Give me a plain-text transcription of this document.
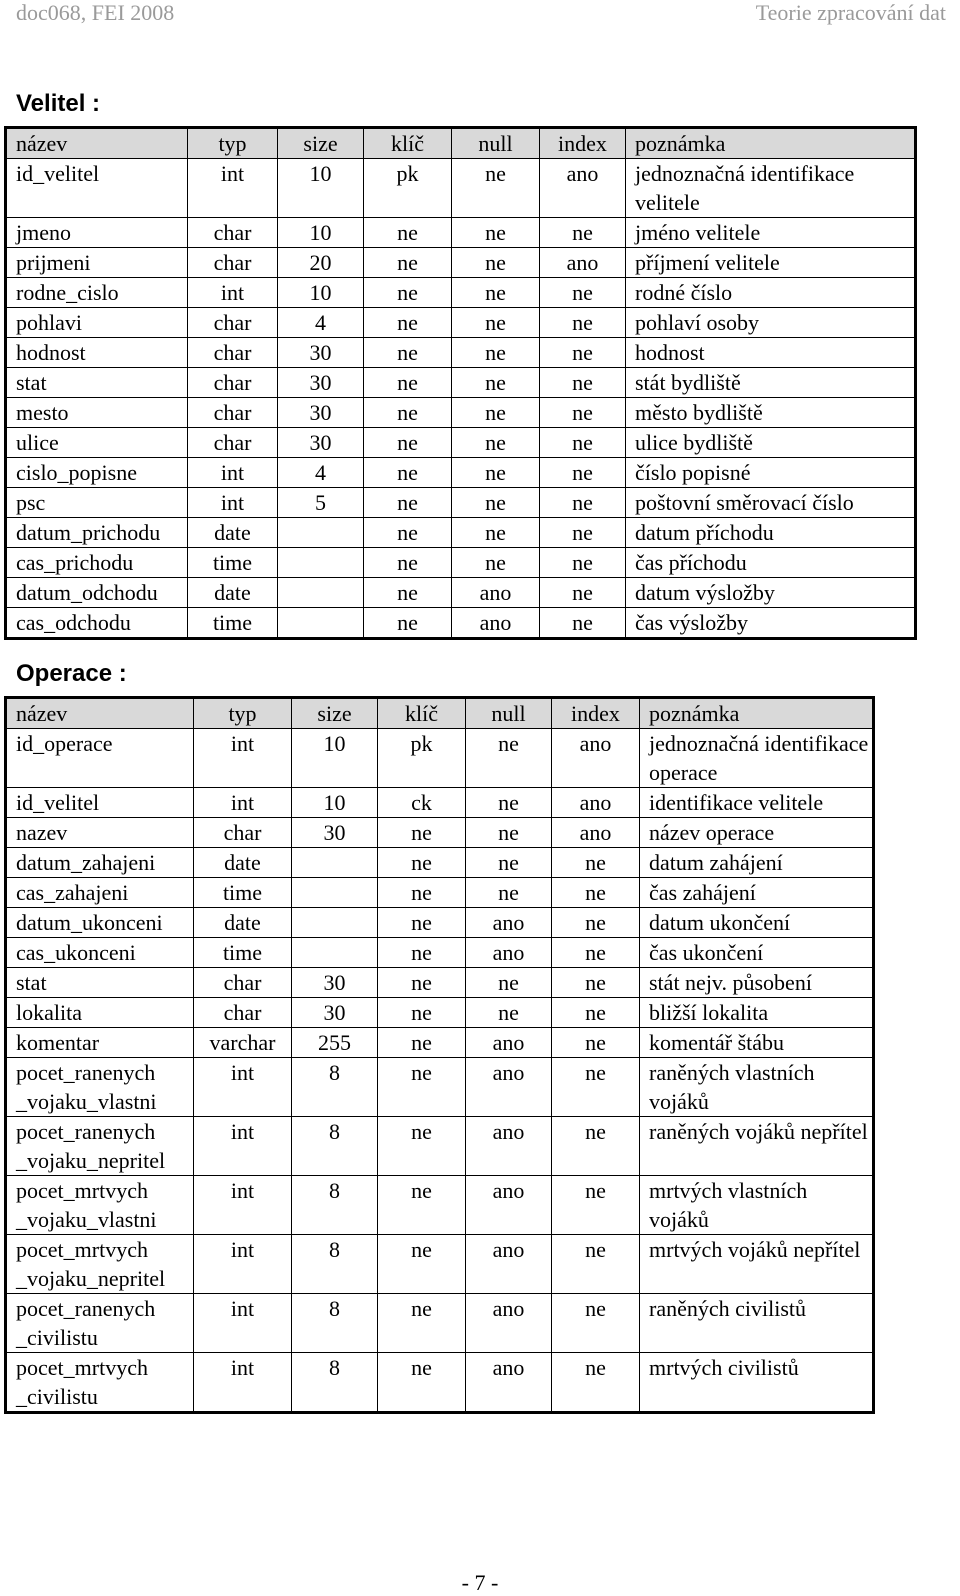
doc068, FEI 2008	Teorie zpracování dat
Velitel :
název	typ	size	klíč	null	index	poznámka
id_velitel	int	10	pk	ne	ano	jednoznačná identifikace velitele
jmeno	char	10	ne	ne	ne	jméno velitele
prijmeni	char	20	ne	ne	ano	příjmení velitele
rodne_cislo	int	10	ne	ne	ne	rodné číslo
pohlavi	char	4	ne	ne	ne	pohlaví osoby
hodnost	char	30	ne	ne	ne	hodnost
stat	char	30	ne	ne	ne	stát bydliště
mesto	char	30	ne	ne	ne	město bydliště
ulice	char	30	ne	ne	ne	ulice bydliště
cislo_popisne	int	4	ne	ne	ne	číslo popisné
psc	int	5	ne	ne	ne	poštovní směrovací číslo
datum_prichodu	date		ne	ne	ne	datum příchodu
cas_prichodu	time		ne	ne	ne	čas příchodu
datum_odchodu	date		ne	ano	ne	datum výsložby
cas_odchodu	time		ne	ano	ne	čas výsložby
Operace :
název	typ	size	klíč	null	index	poznámka
id_operace	int	10	pk	ne	ano	jednoznačná identifikace operace
id_velitel	int	10	ck	ne	ano	identifikace velitele
nazev	char	30	ne	ne	ano	název operace
datum_zahajeni	date		ne	ne	ne	datum zahájení
cas_zahajeni	time		ne	ne	ne	čas zahájení
datum_ukonceni	date		ne	ano	ne	datum ukončení
cas_ukonceni	time		ne	ano	ne	čas ukončení
stat	char	30	ne	ne	ne	stát nejv. působení
lokalita	char	30	ne	ne	ne	bližší lokalita
komentar	varchar	255	ne	ano	ne	komentář štábu
pocet_ranenych _vojaku_vlastni	int	8	ne	ano	ne	raněných vlastních vojáků
pocet_ranenych _vojaku_nepritel	int	8	ne	ano	ne	raněných vojáků nepřítel
pocet_mrtvych _vojaku_vlastni	int	8	ne	ano	ne	mrtvých vlastních vojáků
pocet_mrtvych _vojaku_nepritel	int	8	ne	ano	ne	mrtvých vojáků nepřítel
pocet_ranenych _civilistu	int	8	ne	ano	ne	raněných civilistů
pocet_mrtvych _civilistu	int	8	ne	ano	ne	mrtvých civilistů
- 7 -
